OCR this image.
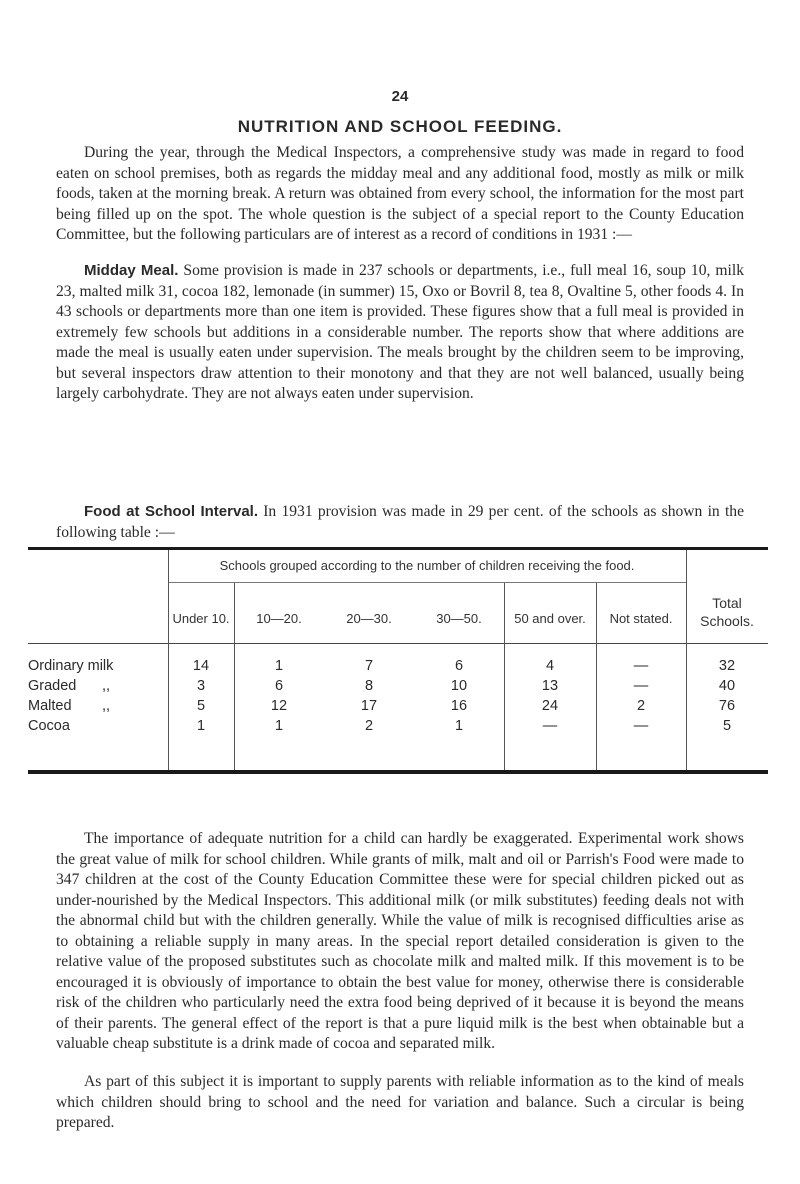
24
NUTRITION AND SCHOOL FEEDING.

During the year, through the Medical Inspectors, a comprehensive study was made in regard to food eaten on school premises, both as regards the midday meal and any additional food, mostly as milk or milk foods, taken at the morning break. A return was obtained from every school, the information for the most part being filled up on the spot. The whole question is the subject of a special report to the County Education Committee, but the following particulars are of interest as a record of conditions in 1931 :—

Midday Meal. Some provision is made in 237 schools or departments, i.e., full meal 16, soup 10, milk 23, malted milk 31, cocoa 182, lemonade (in summer) 15, Oxo or Bovril 8, tea 8, Ovaltine 5, other foods 4. In 43 schools or departments more than one item is provided. These figures show that a full meal is provided in extremely few schools but additions in a considerable number. The reports show that where additions are made the meal is usually eaten under supervision. The meals brought by the children seem to be improving, but several inspectors draw attention to their monotony and that they are not well balanced, usually being largely carbohydrate. They are not always eaten under supervision.

Food at School Interval. In 1931 provision was made in 29 per cent. of the schools as shown in the following table :—

Schools grouped according to the number of children receiving the food.
Under 10.	10—20.	20—30.	30—50.	50 and over.	Not stated.
Total
Schools.
Ordinary milk	14	1	7	6	4	—	32
Graded ,,	3	6	8	10	13	—	40
Malted ,,	5	12	17	16	24	2	76
Cocoa	1	1	2	1	—	—	5

The importance of adequate nutrition for a child can hardly be exaggerated. Experimental work shows the great value of milk for school children. While grants of milk, malt and oil or Parrish's Food were made to 347 children at the cost of the County Education Committee these were for special children picked out as under-nourished by the Medical Inspectors. This additional milk (or milk substitutes) feeding deals not with the abnormal child but with the children generally. While the value of milk is recognised difficulties arise as to obtaining a reliable supply in many areas. In the special report detailed consideration is given to the relative value of the proposed substitutes such as chocolate milk and malted milk. If this movement is to be encouraged it is obviously of importance to obtain the best value for money, otherwise there is considerable risk of the children who particularly need the extra food being deprived of it because it is beyond the means of their parents. The general effect of the report is that a pure liquid milk is the best when obtainable but a valuable cheap substitute is a drink made of cocoa and separated milk.

As part of this subject it is important to supply parents with reliable information as to the kind of meals which children should bring to school and the need for variation and balance. Such a circular is being prepared.
